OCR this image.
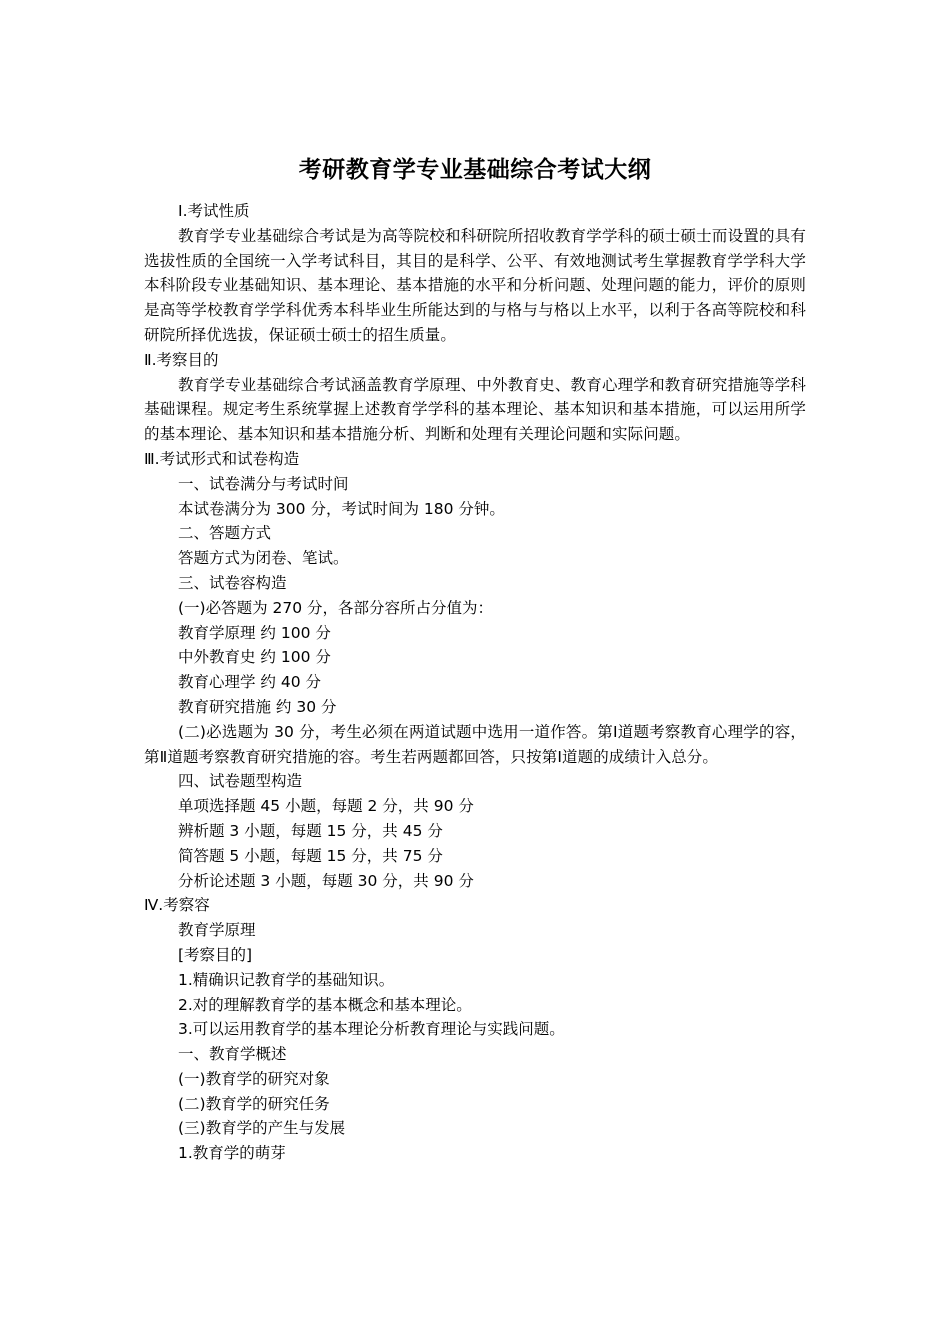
考研教育学专业基础综合考试大纲
Ⅰ.考试性质
教育学专业基础综合考试是为高等院校和科研院所招收教育学学科的硕士硕士而设置的具有选拔性质的全国统一入学考试科目，其目的是科学、公平、有效地测试考生掌握教育学学科大学本科阶段专业基础知识、基本理论、基本措施的水平和分析问题、处理问题的能力，评价的原则是高等学校教育学学科优秀本科毕业生所能达到的与格与与格以上水平，以利于各高等院校和科研院所择优选拔，保证硕士硕士的招生质量。
Ⅱ.考察目的
教育学专业基础综合考试涵盖教育学原理、中外教育史、教育心理学和教育研究措施等学科基础课程。规定考生系统掌握上述教育学学科的基本理论、基本知识和基本措施，可以运用所学的基本理论、基本知识和基本措施分析、判断和处理有关理论问题和实际问题。
Ⅲ.考试形式和试卷构造
一、试卷满分与考试时间
本试卷满分为 300 分，考试时间为 180 分钟。
二、答题方式
答题方式为闭卷、笔试。
三、试卷容构造
(一)必答题为 270 分，各部分容所占分值为：
教育学原理 约 100 分
中外教育史 约 100 分
教育心理学 约 40 分
教育研究措施 约 30 分
(二)必选题为 30 分，考生必须在两道试题中选用一道作答。第Ⅰ道题考察教育心理学的容，第Ⅱ道题考察教育研究措施的容。考生若两题都回答，只按第Ⅰ道题的成绩计入总分。
四、试卷题型构造
单项选择题 45 小题，每题 2 分，共 90 分
辨析题 3 小题，每题 15 分，共 45 分
简答题 5 小题，每题 15 分，共 75 分
分析论述题 3 小题，每题 30 分，共 90 分
Ⅳ.考察容
教育学原理
[考察目的]
1.精确识记教育学的基础知识。
2.对的理解教育学的基本概念和基本理论。
3.可以运用教育学的基本理论分析教育理论与实践问题。
一、教育学概述
(一)教育学的研究对象
(二)教育学的研究任务
(三)教育学的产生与发展
1.教育学的萌芽
